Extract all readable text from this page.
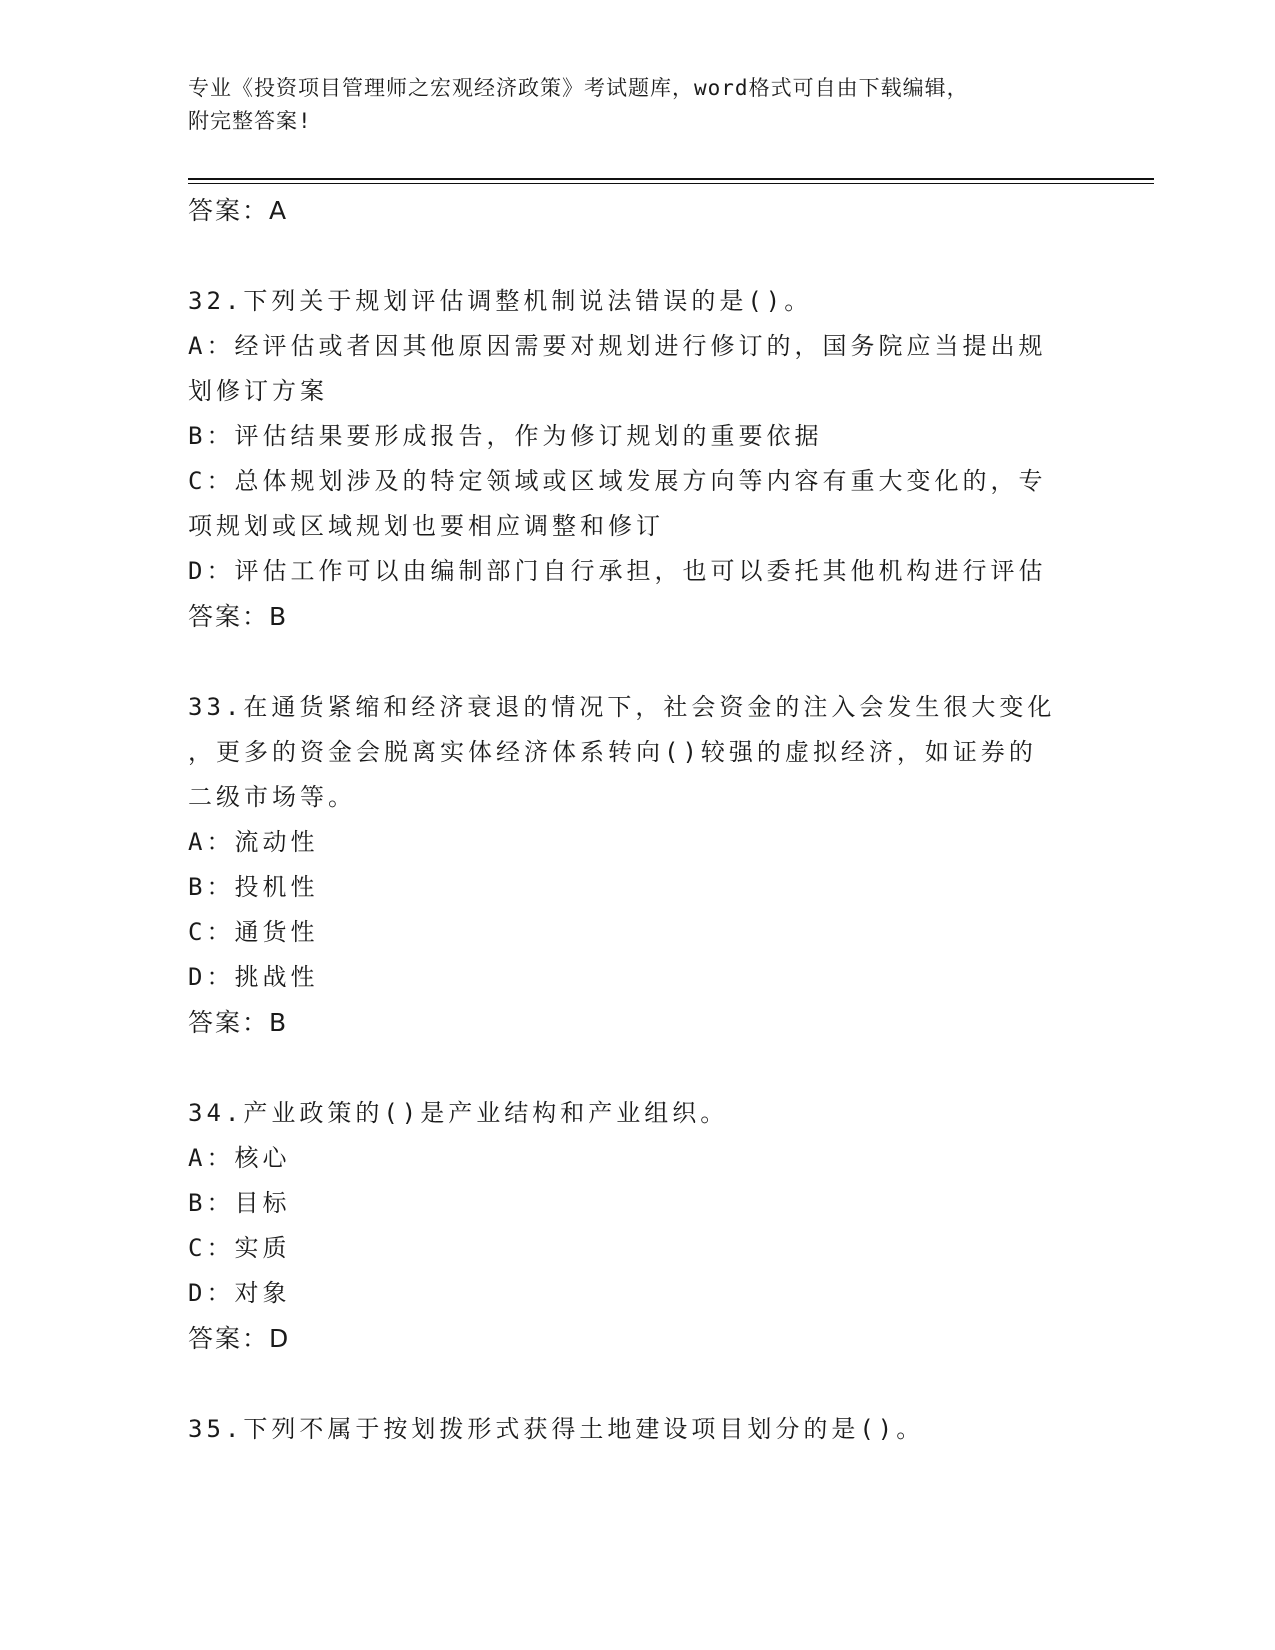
专业《投资项目管理师之宏观经济政策》考试题库，word格式可自由下载编辑，
附完整答案!
答案：A
32.下列关于规划评估调整机制说法错误的是()。
A：经评估或者因其他原因需要对规划进行修订的，国务院应当提出规
划修订方案
B：评估结果要形成报告，作为修订规划的重要依据
C：总体规划涉及的特定领域或区域发展方向等内容有重大变化的，专
项规划或区域规划也要相应调整和修订
D：评估工作可以由编制部门自行承担，也可以委托其他机构进行评估
答案：B
33.在通货紧缩和经济衰退的情况下，社会资金的注入会发生很大变化
，更多的资金会脱离实体经济体系转向()较强的虚拟经济，如证券的
二级市场等。
A：流动性
B：投机性
C：通货性
D：挑战性
答案：B
34.产业政策的()是产业结构和产业组织。
A：核心
B：目标
C：实质
D：对象
答案：D
35.下列不属于按划拨形式获得土地建设项目划分的是()。
